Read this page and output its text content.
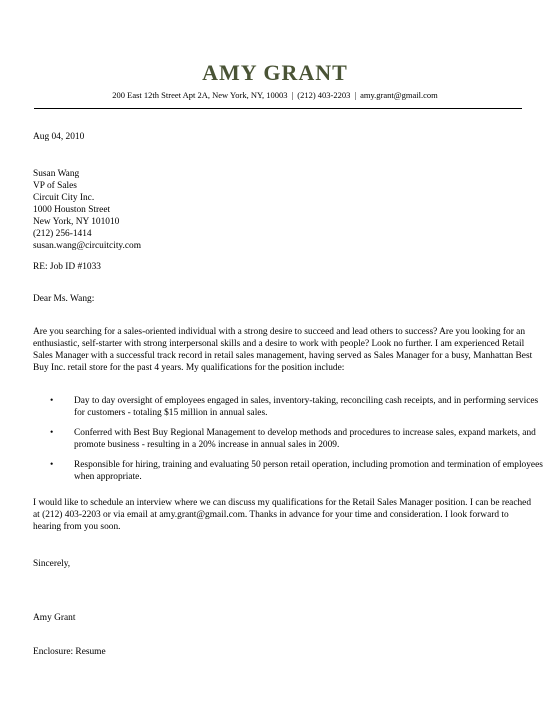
AMY GRANT
200 East 12th Street Apt 2A, New York, NY, 10003 | (212) 403-2203 | amy.grant@gmail.com
Aug 04, 2010
Susan Wang
VP of Sales
Circuit City Inc.
1000 Houston Street
New York, NY 101010
(212) 256-1414
susan.wang@circuitcity.com
RE: Job ID #1033
Dear Ms. Wang:
Are you searching for a sales-oriented individual with a strong desire to succeed and lead others to success? Are you looking for an
enthusiastic, self-starter with strong interpersonal skills and a desire to work with people? Look no further. I am experienced Retail
Sales Manager with a successful track record in retail sales management, having served as Sales Manager for a busy, Manhattan Best
Buy Inc. retail store for the past 4 years. My qualifications for the position include:
• Day to day oversight of employees engaged in sales, inventory-taking, reconciling cash receipts, and in performing services
for customers - totaling $15 million in annual sales.
• Conferred with Best Buy Regional Management to develop methods and procedures to increase sales, expand markets, and
promote business - resulting in a 20% increase in annual sales in 2009.
• Responsible for hiring, training and evaluating 50 person retail operation, including promotion and termination of employees
when appropriate.
I would like to schedule an interview where we can discuss my qualifications for the Retail Sales Manager position. I can be reached
at (212) 403-2203 or via email at amy.grant@gmail.com. Thanks in advance for your time and consideration. I look forward to
hearing from you soon.
Sincerely,
Amy Grant
Enclosure: Resume
